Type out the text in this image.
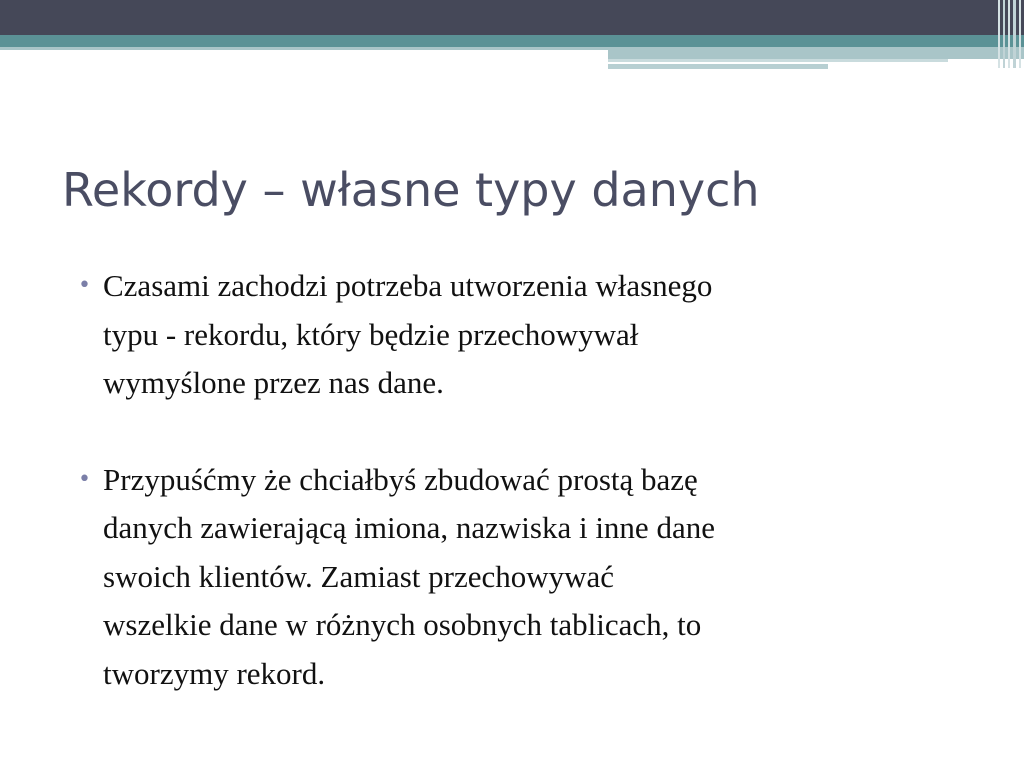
Rekordy – własne typy danych
• Czasami zachodzi potrzeba utworzenia własnego
typu - rekordu, który będzie przechowywał
wymyślone przez nas dane.
• Przypuśćmy że chciałbyś zbudować prostą bazę
danych zawierającą imiona, nazwiska i inne dane
swoich klientów. Zamiast przechowywać
wszelkie dane w różnych osobnych tablicach, to
tworzymy rekord.
